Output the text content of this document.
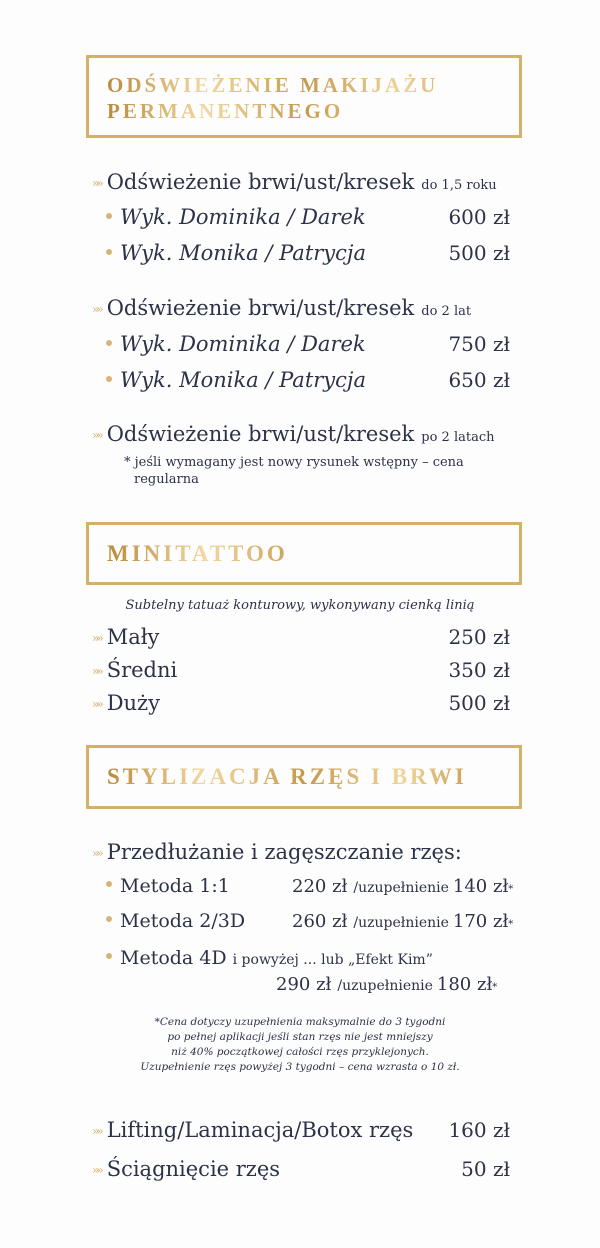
ODŚWIEŻENIE MAKIJAŻU
PERMANENTNEGO
»» Odświeżenie brwi/ust/kresek do 1,5 roku
Wyk. Dominika / Darek	600 zł
Wyk. Monika / Patrycja	500 zł
»» Odświeżenie brwi/ust/kresek do 2 lat
Wyk. Dominika / Darek	750 zł
Wyk. Monika / Patrycja	650 zł
»» Odświeżenie brwi/ust/kresek po 2 latach
* jeśli wymagany jest nowy rysunek wstępny – cena
regularna
MINITATTOO
Subtelny tatuaż konturowy, wykonywany cienką linią
»» Mały	250 zł
»» Średni	350 zł
»» Duży	500 zł
STYLIZACJA RZĘS I BRWI
»» Przedłużanie i zagęszczanie rzęs:
Metoda 1:1	220 zł /uzupełnienie 140 zł *
Metoda 2/3D	260 zł /uzupełnienie 170 zł *
Metoda 4D i powyżej ... lub „Efekt Kim”
290 zł /uzupełnienie 180 zł *
*Cena dotyczy uzupełnienia maksymalnie do 3 tygodni
po pełnej aplikacji jeśli stan rzęs nie jest mniejszy
niż 40% początkowej całości rzęs przyklejonych.
Uzupełnienie rzęs powyżej 3 tygodni – cena wzrasta o 10 zł.
»» Lifting/Laminacja/Botox rzęs 160 zł
»» Ściągnięcie rzęs	50 zł
